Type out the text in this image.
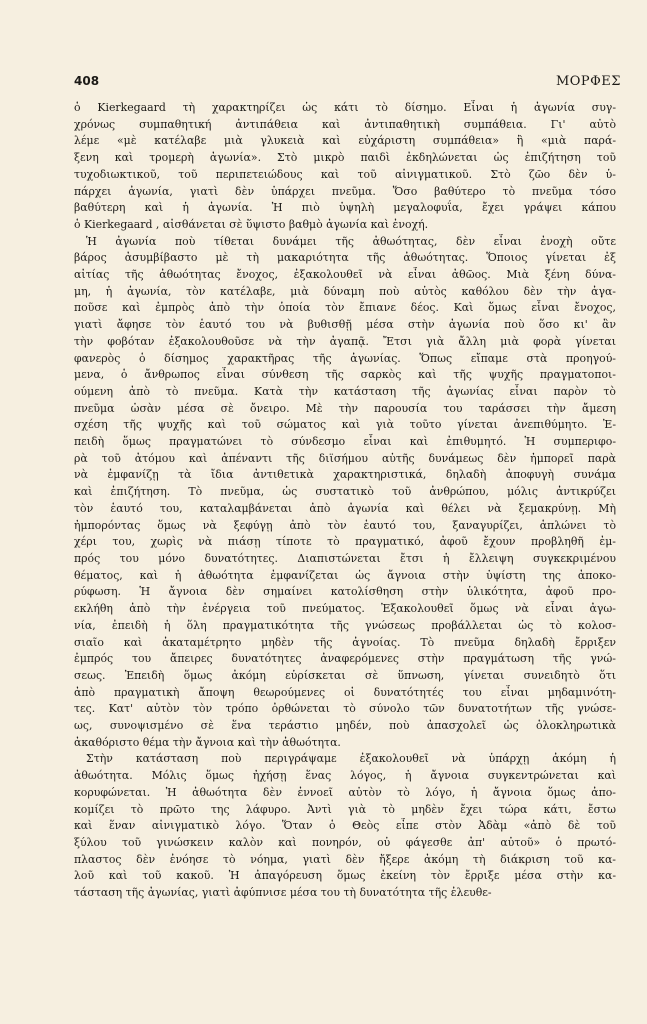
408	ΜΟΡΦΕΣ
ὁ Kierkegaard τὴ χαρακτηρίζει ὡς κάτι τὸ δίσημο. Εἶναι ἡ ἀγωνία συγ-
χρόνως συμπαθητική ἀντιπάθεια καὶ ἀντιπαθητικὴ συμπάθεια. Γι' αὐτὸ
λέμε «μὲ κατέλαβε μιὰ γλυκειὰ καὶ εὐχάριστη συμπάθεια» ἢ «μιὰ παρά-
ξενη καὶ τρομερὴ ἀγωνία». Στὸ μικρὸ παιδὶ ἐκδηλώνεται ὡς ἐπιζήτηση τοῦ
τυχοδιωκτικοῦ, τοῦ περιπετειώδους καὶ τοῦ αἰνιγματικοῦ. Στὸ ζῶο δὲν ὑ-
πάρχει ἀγωνία, γιατὶ δὲν ὑπάρχει πνεῦμα. Ὅσο βαθύτερο τὸ πνεῦμα τόσο
βαθύτερη καὶ ἡ ἀγωνία. Ἡ πιὸ ὑψηλὴ μεγαλοφυΐα, ἔχει γράψει κάπου
ὁ Kierkegaard , αἰσθάνεται σὲ ὕψιστο βαθμὸ ἀγωνία καὶ ἐνοχή.
Ἡ ἀγωνία ποὺ τίθεται δυνάμει τῆς ἀθωότητας, δὲν εἶναι ἐνοχὴ οὔτε
βάρος ἀσυμβίβαστο μὲ τὴ μακαριότητα τῆς ἀθωότητας. Ὅποιος γίνεται ἐξ
αἰτίας τῆς ἀθωότητας ἔνοχος, ἐξακολουθεῖ νὰ εἶναι ἀθῶος. Μιὰ ξένη δύνα-
μη, ἡ ἀγωνία, τὸν κατέλαβε, μιὰ δύναμη ποὺ αὐτὸς καθόλου δὲν τὴν ἀγα-
ποῦσε καὶ ἐμπρὸς ἀπὸ τὴν ὁποία τὸν ἔπιανε δέος. Καὶ ὅμως εἶναι ἔνοχος,
γιατὶ ἄφησε τὸν ἑαυτό του νὰ βυθισθῇ μέσα στὴν ἀγωνία ποὺ ὅσο κι' ἂν
τὴν φοβόταν ἐξακολουθοῦσε νὰ τὴν ἀγαπᾷ. Ἔτσι γιὰ ἄλλη μιὰ φορὰ γίνεται
φανερὸς ὁ δίσημος χαρακτῆρας τῆς ἀγωνίας. Ὅπως εἴπαμε στὰ προηγού-
μενα, ὁ ἄνθρωπος εἶναι σύνθεση τῆς σαρκὸς καὶ τῆς ψυχῆς πραγματοποι-
ούμενη ἀπὸ τὸ πνεῦμα. Κατὰ τὴν κατάσταση τῆς ἀγωνίας εἶναι παρὸν τὸ
πνεῦμα ὡσὰν μέσα σὲ ὄνειρο. Μὲ τὴν παρουσία του ταράσσει τὴν ἄμεση
σχέση τῆς ψυχῆς καὶ τοῦ σώματος καὶ γιὰ τοῦτο γίνεται ἀνεπιθύμητο. Ἐ-
πειδὴ ὅμως πραγματώνει τὸ σύνδεσμο εἶναι καὶ ἐπιθυμητό. Ἡ συμπεριφο-
ρὰ τοῦ ἀτόμου καὶ ἀπέναντι τῆς διϊσήμου αὐτῆς δυνάμεως δὲν ἠμπορεῖ παρὰ
νὰ ἐμφανίζῃ τὰ ἴδια ἀντιθετικὰ χαρακτηριστικά, δηλαδὴ ἀποφυγὴ συνάμα
καὶ ἐπιζήτηση. Τὸ πνεῦμα, ὡς συστατικὸ τοῦ ἀνθρώπου, μόλις ἀντικρύζει
τὸν ἑαυτό του, καταλαμβάνεται ἀπὸ ἀγωνία καὶ θέλει νὰ ξεμακρύνῃ. Μὴ
ἠμπορόντας ὅμως νὰ ξεφύγῃ ἀπὸ τὸν ἑαυτό του, ξαναγυρίζει, ἁπλώνει τὸ
χέρι του, χωρὶς νὰ πιάσῃ τίποτε τὸ πραγματικό, ἀφοῦ ἔχουν προβληθῆ ἐμ-
πρός του μόνο δυνατότητες. Διαπιστώνεται ἔτσι ἡ ἔλλειψη συγκεκριμένου
θέματος, καὶ ἡ ἀθωότητα ἐμφανίζεται ὡς ἄγνοια στὴν ὑψίστη της ἀποκο-
ρύφωση. Ἡ ἄγνοια δὲν σημαίνει κατολίσθηση στὴν ὑλικότητα, ἀφοῦ προ-
εκλήθη ἀπὸ τὴν ἐνέργεια τοῦ πνεύματος. Ἐξακολουθεῖ ὅμως νὰ εἶναι ἀγω-
νία, ἐπειδὴ ἡ ὅλη πραγματικότητα τῆς γνώσεως προβάλλεται ὡς τὸ κολοσ-
σιαῖο καὶ ἀκαταμέτρητο μηδὲν τῆς ἀγνοίας. Τὸ πνεῦμα δηλαδὴ ἔρριξεν
ἐμπρός του ἄπειρες δυνατότητες ἀναφερόμενες στὴν πραγμάτωση τῆς γνώ-
σεως. Ἐπειδὴ ὅμως ἀκόμη εὑρίσκεται σὲ ὕπνωση, γίνεται συνειδητὸ ὅτι
ἀπὸ πραγματικὴ ἄποψη θεωρούμενες οἱ δυνατότητές του εἶναι μηδαμινότη-
τες. Κατ' αὐτὸν τὸν τρόπο ὀρθώνεται τὸ σύνολο τῶν δυνατοτήτων τῆς γνώσε-
ως, συνοψισμένο σὲ ἕνα τεράστιο μηδέν, ποὺ ἀπασχολεῖ ὡς ὁλοκληρωτικὰ
ἀκαθόριστο θέμα τὴν ἄγνοια καὶ τὴν ἀθωότητα.
Στὴν κατάσταση ποὺ περιγράψαμε ἐξακολουθεῖ νὰ ὑπάρχῃ ἀκόμη ἡ
ἀθωότητα. Μόλις ὅμως ἠχήσῃ ἕνας λόγος, ἡ ἄγνοια συγκεντρώνεται καὶ
κορυφώνεται. Ἡ ἀθωότητα δὲν ἐννοεῖ αὐτὸν τὸ λόγο, ἡ ἄγνοια ὅμως ἀπο-
κομίζει τὸ πρῶτο της λάφυρο. Ἀντὶ γιὰ τὸ μηδὲν ἔχει τώρα κάτι, ἔστω
καὶ ἕναν αἰνιγματικὸ λόγο. Ὅταν ὁ Θεὸς εἶπε στὸν Ἀδὰμ «ἀπὸ δὲ τοῦ
ξύλου τοῦ γινώσκειν καλὸν καὶ πονηρόν, οὐ φάγεσθε ἀπ' αὐτοῦ» ὁ πρωτό-
πλαστος δὲν ἐνόησε τὸ νόημα, γιατὶ δὲν ἤξερε ἀκόμη τὴ διάκριση τοῦ κα-
λοῦ καὶ τοῦ κακοῦ. Ἡ ἀπαγόρευση ὅμως ἐκείνη τὸν ἔρριξε μέσα στὴν κα-
τάσταση τῆς ἀγωνίας, γιατὶ ἀφύπνισε μέσα του τὴ δυνατότητα τῆς ἐλευθε-
